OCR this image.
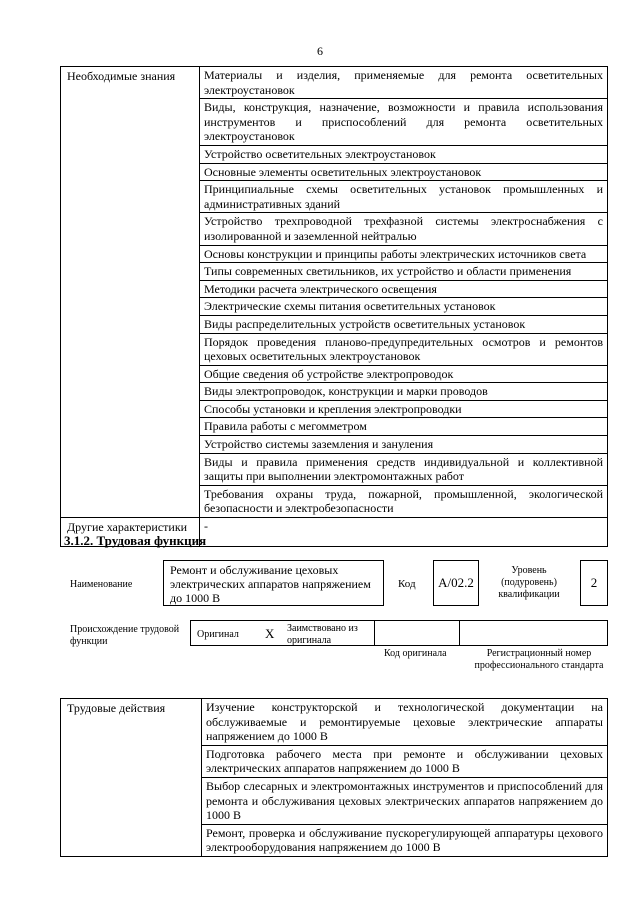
6
Необходимые знания	Материалы и изделия, применяемые для ремонта осветительных электроустановок
	Виды, конструкция, назначение, возможности и правила использования инструментов и приспособлений для ремонта осветительных электроустановок
	Устройство осветительных электроустановок
	Основные элементы осветительных электроустановок
	Принципиальные схемы осветительных установок промышленных и административных зданий
	Устройство трехпроводной трехфазной системы электроснабжения с изолированной и заземленной нейтралью
	Основы конструкции и принципы работы электрических источников света
	Типы современных светильников, их устройство и области применения
	Методики расчета электрического освещения
	Электрические схемы питания осветительных установок
	Виды распределительных устройств осветительных установок
	Порядок проведения планово-предупредительных осмотров и ремонтов цеховых осветительных электроустановок
	Общие сведения об устройстве электропроводок
	Виды электропроводок, конструкции и марки проводов
	Способы установки и крепления электропроводки
	Правила работы с мегомметром
	Устройство системы заземления и зануления
	Виды и правила применения средств индивидуальной и коллективной защиты при выполнении электромонтажных работ
	Требования охраны труда, пожарной, промышленной, экологической безопасности и электробезопасности
Другие характеристики	-
3.1.2. Трудовая функция
Наименование
Ремонт и обслуживание цеховых электрических аппаратов напряжением до 1000 В
Код	A/02.2
Уровень (подуровень) квалификации
2
Происхождение трудовой функции
Оригинал X Заимствовано из оригинала
Код оригинала	Регистрационный номер профессионального стандарта
Трудовые действия	Изучение конструкторской и технологической документации на обслуживаемые и ремонтируемые цеховые электрические аппараты напряжением до 1000 В
Подготовка рабочего места при ремонте и обслуживании цеховых электрических аппаратов напряжением до 1000 В
Выбор слесарных и электромонтажных инструментов и приспособлений для ремонта и обслуживания цеховых электрических аппаратов напряжением до 1000 В
Ремонт, проверка и обслуживание пускорегулирующей аппаратуры цехового электрооборудования напряжением до 1000 В
